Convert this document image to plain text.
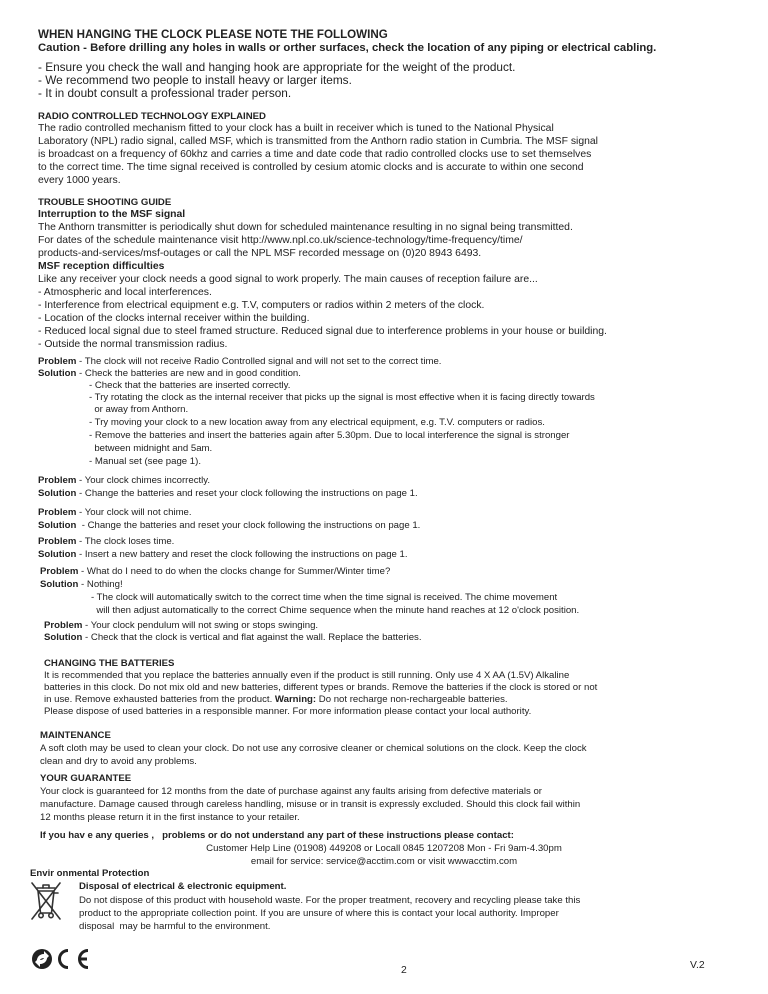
WHEN HANGING THE CLOCK PLEASE NOTE THE FOLLOWING
Caution - Before drilling any holes in walls or orther surfaces, check the location of any piping or electrical cabling.
- Ensure you check the wall and hanging hook are appropriate for the weight of the product.
- We recommend two people to install heavy or larger items.
- It in doubt consult a professional trader person.
RADIO CONTROLLED TECHNOLOGY EXPLAINED
The radio controlled mechanism fitted to your clock has a built in receiver which is tuned to the National Physical
Laboratory (NPL) radio signal, called MSF, which is transmitted from the Anthorn radio station in Cumbria. The MSF signal
is broadcast on a frequency of 60khz and carries a time and date code that radio controlled clocks use to set themselves
to the correct time. The time signal received is controlled by cesium atomic clocks and is accurate to within one second
every 1000 years.
TROUBLE SHOOTING GUIDE
Interruption to the MSF signal
The Anthorn transmitter is periodically shut down for scheduled maintenance resulting in no signal being transmitted.
For dates of the schedule maintenance visit http://www.npl.co.uk/science-technology/time-frequency/time/
products-and-services/msf-outages or call the NPL MSF recorded message on (0)20 8943 6493.
MSF reception difficulties
Like any receiver your clock needs a good signal to work properly. The main causes of reception failure are...
- Atmospheric and local interferences.
- Interference from electrical equipment e.g. T.V, computers or radios within 2 meters of the clock.
- Location of the clocks internal receiver within the building.
- Reduced local signal due to steel framed structure. Reduced signal due to interference problems in your house or building.
- Outside the normal transmission radius.
Problem - The clock will not receive Radio Controlled signal and will not set to the correct time.
Solution - Check the batteries are new and in good condition.
- Check that the batteries are inserted correctly.
- Try rotating the clock as the internal receiver that picks up the signal is most effective when it is facing directly towards
or away from Anthorn.
- Try moving your clock to a new location away from any electrical equipment, e.g. T.V. computers or radios.
- Remove the batteries and insert the batteries again after 5.30pm. Due to local interference the signal is stronger
between midnight and 5am.
- Manual set (see page 1).
Problem - Your clock chimes incorrectly.
Solution - Change the batteries and reset your clock following the instructions on page 1.
Problem - Your clock will not chime.
Solution  - Change the batteries and reset your clock following the instructions on page 1.
Problem - The clock loses time.
Solution - Insert a new battery and reset the clock following the instructions on page 1.
Problem - What do I need to do when the clocks change for Summer/Winter time?
Solution - Nothing!
- The clock will automatically switch to the correct time when the time signal is received. The chime movement
will then adjust automatically to the correct Chime sequence when the minute hand reaches at 12 o'clock position.
Problem - Your clock pendulum will not swing or stops swinging.
Solution - Check that the clock is vertical and flat against the wall. Replace the batteries.
CHANGING THE BATTERIES
It is recommended that you replace the batteries annually even if the product is still running. Only use 4 X AA (1.5V) Alkaline
batteries in this clock. Do not mix old and new batteries, different types or brands. Remove the batteries if the clock is stored or not
in use. Remove exhausted batteries from the product. Warning: Do not recharge non-rechargeable batteries.
Please dispose of used batteries in a responsible manner. For more information please contact your local authority.
MAINTENANCE
A soft cloth may be used to clean your clock. Do not use any corrosive cleaner or chemical solutions on the clock. Keep the clock
clean and dry to avoid any problems.
YOUR GUARANTEE
Your clock is guaranteed for 12 months from the date of purchase against any faults arising from defective materials or
manufacture. Damage caused through careless handling, misuse or in transit is expressly excluded. Should this clock fail within
12 months please return it in the first instance to your retailer.
If you hav e any queries ,   problems or do not understand any part of these instructions please contact:
Customer Help Line (01908) 449208 or Locall 0845 1207208 Mon - Fri 9am-4.30pm
email for service: service@acctim.com or visit wwwacctim.com
Envir onmental Protection
Disposal of electrical & electronic equipment.
Do not dispose of this product with household waste. For the proper treatment, recovery and recycling please take this
product to the appropriate collection point. If you are unsure of where this is contact your local authority. Improper
disposal  may be harmful to the environment.
2	V.2
